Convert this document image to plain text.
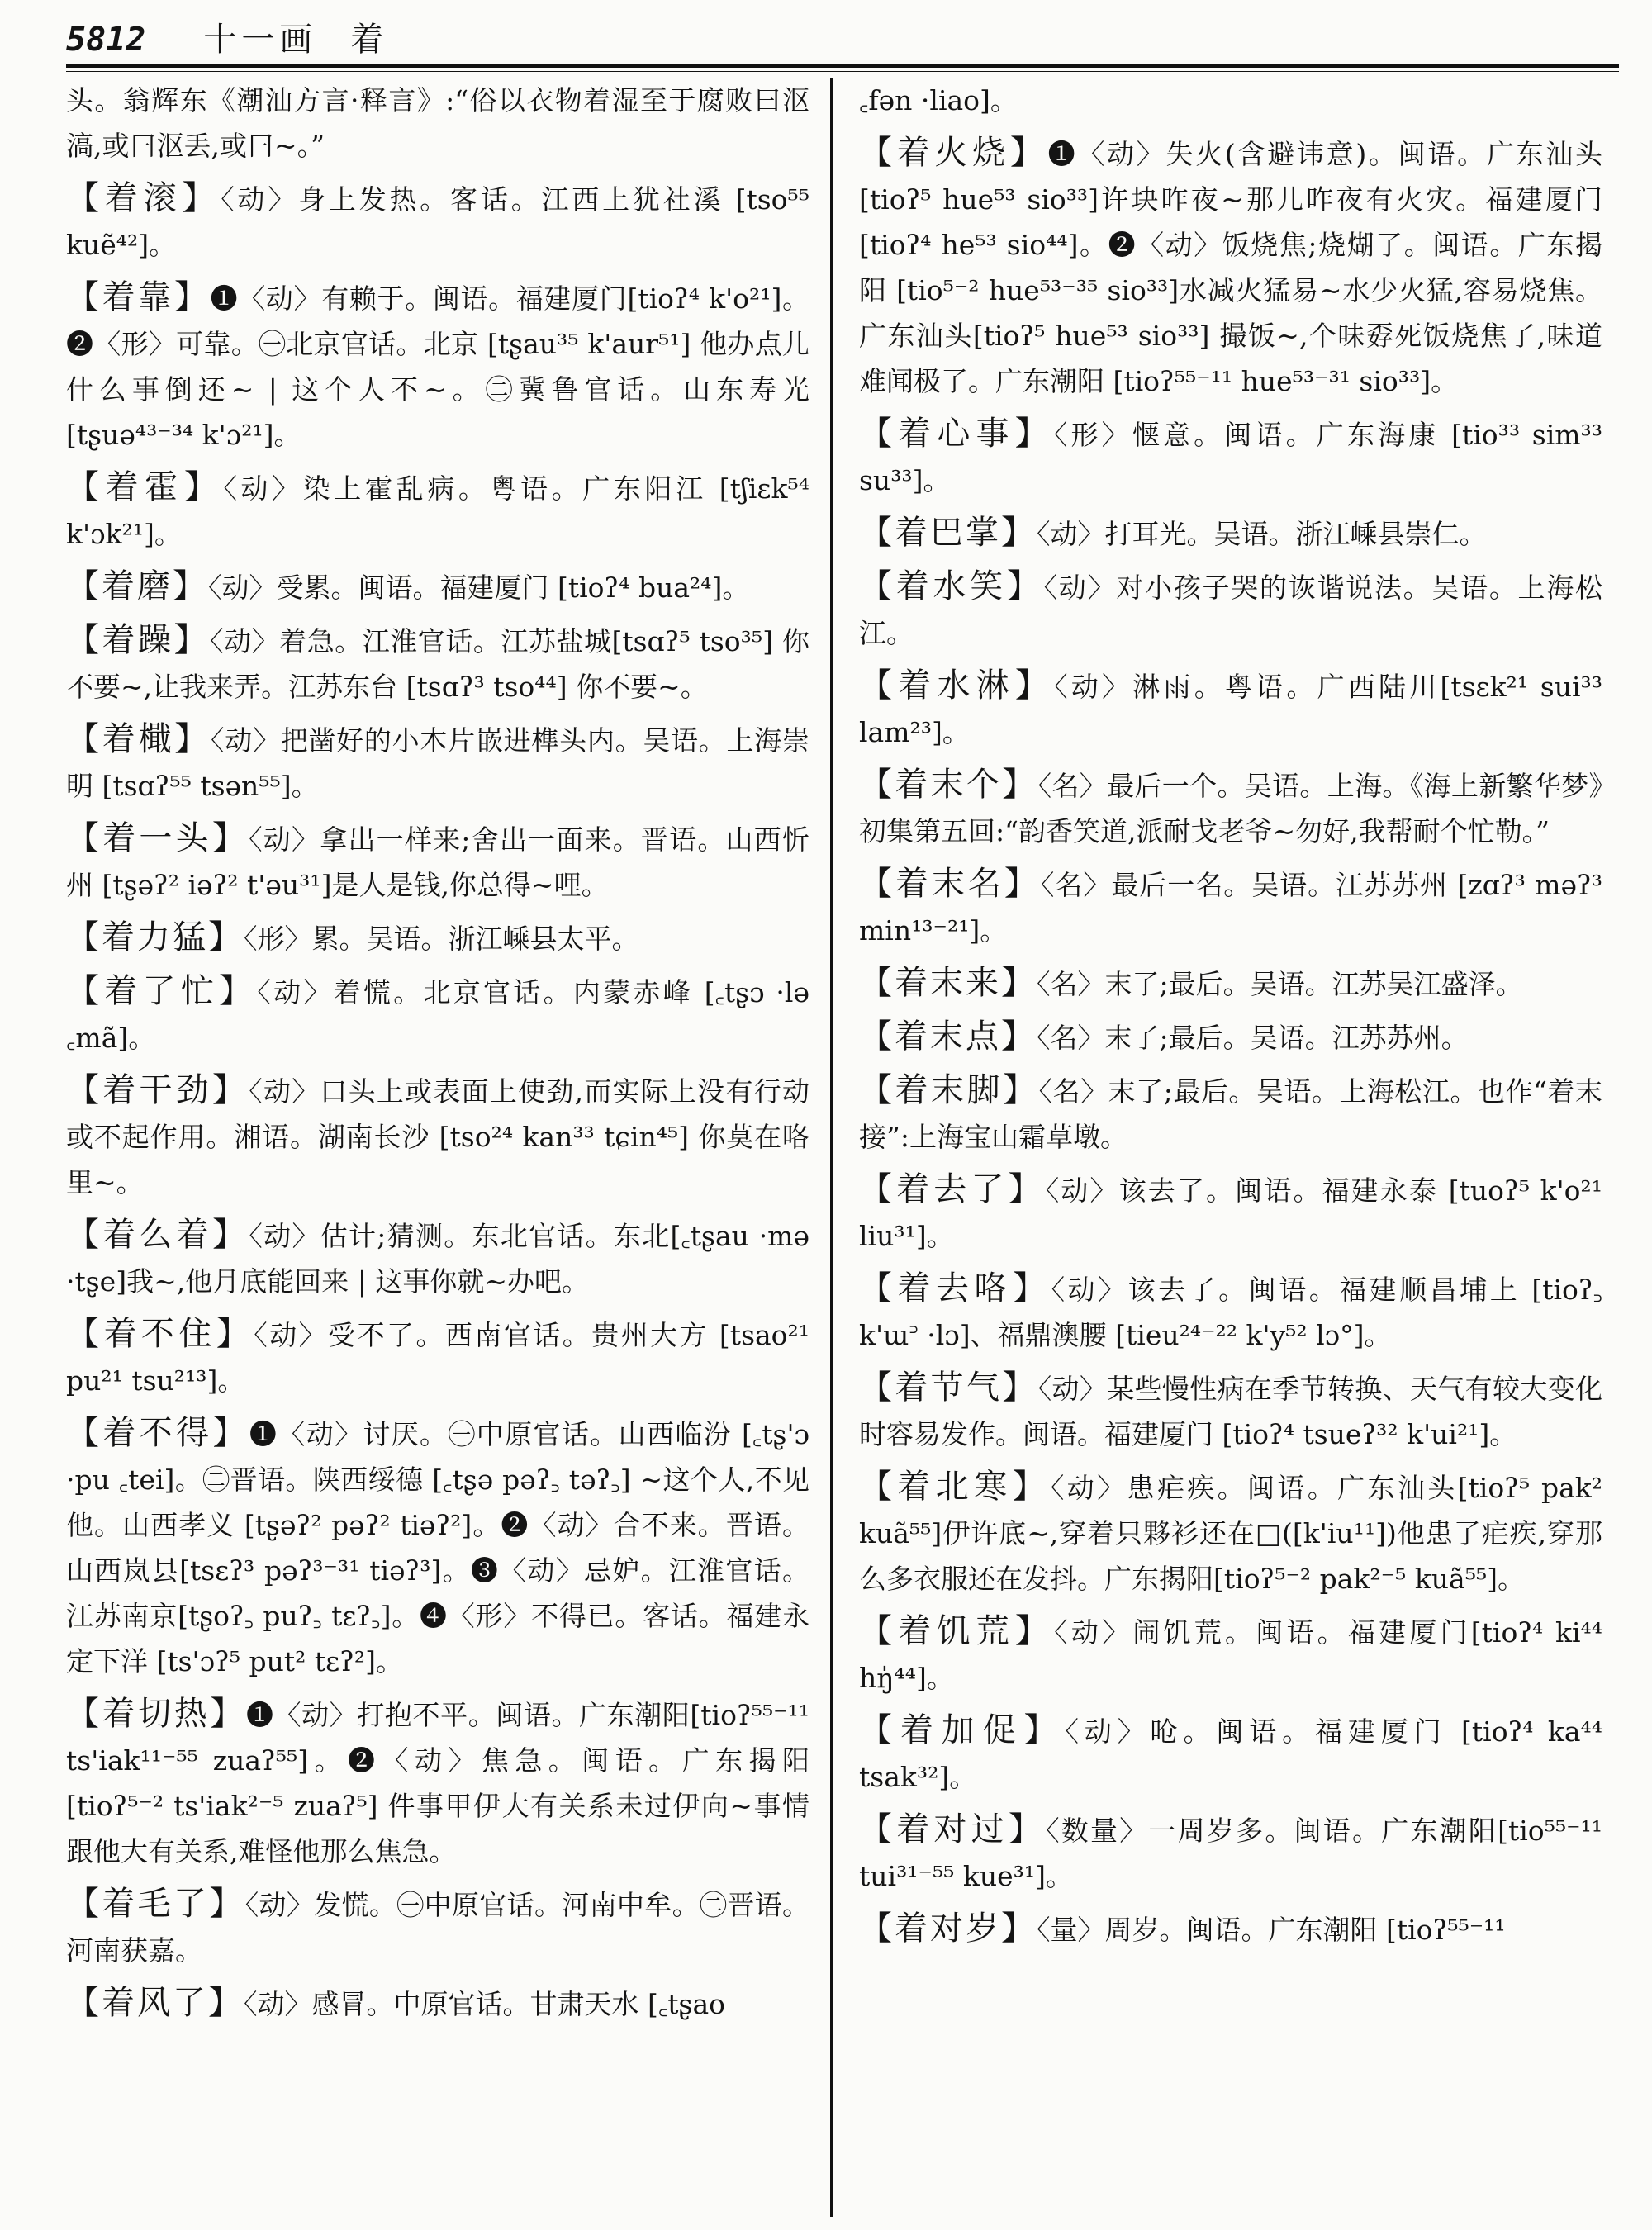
5812 十一画 着

头。翁辉东《潮汕方言·释言》:“俗以衣物着湿至于腐败曰沤滈,或曰沤丢,或曰~。”

【着滚】〈动〉身上发热。客话。江西上犹社溪 [tso⁵⁵ kuẽ⁴²]。

【着靠】❶〈动〉有赖于。闽语。福建厦门[tioʔ⁴ k'o²¹]。❷〈形〉可靠。㊀北京官话。北京 [tʂau³⁵ k'aur⁵¹] 他办点儿什么事倒还~ | 这个人不~。㊁冀鲁官话。山东寿光 [tʂuə⁴³⁻³⁴ k'ɔ²¹]。

【着霍】〈动〉染上霍乱病。粤语。广东阳江 [tʃiɛk⁵⁴ k'ɔk²¹]。

【着磨】〈动〉受累。闽语。福建厦门 [tioʔ⁴ bua²⁴]。

【着躁】〈动〉着急。江淮官话。江苏盐城[tsɑʔ⁵ tso³⁵] 你不要~,让我来弄。江苏东台 [tsɑʔ³ tso⁴⁴] 你不要~。

【着檝】〈动〉把凿好的小木片嵌进榫头内。吴语。上海崇明 [tsɑʔ⁵⁵ tsən⁵⁵]。

【着一头】〈动〉拿出一样来;舍出一面来。晋语。山西忻州 [tʂəʔ² iəʔ² t'əu³¹]是人是钱,你总得~哩。

【着力猛】〈形〉累。吴语。浙江嵊县太平。

【着了忙】〈动〉着慌。北京官话。内蒙赤峰 [꜀tʂɔ ·lə ꜀mã]。

【着干劲】〈动〉口头上或表面上使劲,而实际上没有行动或不起作用。湘语。湖南长沙 [tso²⁴ kan³³ tɕin⁴⁵] 你莫在咯里~。

【着么着】〈动〉估计;猜测。东北官话。东北[꜀tʂau ·mə ·tʂe]我~,他月底能回来 | 这事你就~办吧。

【着不住】〈动〉受不了。西南官话。贵州大方 [tsao²¹ pu²¹ tsu²¹³]。

【着不得】❶〈动〉讨厌。㊀中原官话。山西临汾 [꜀tʂ'ɔ ·pu ꜀tei]。㊁晋语。陕西绥德 [꜀tʂə pəʔ꜆ təʔ꜆] ~这个人,不见他。山西孝义 [tʂəʔ² pəʔ² tiəʔ²]。❷〈动〉合不来。晋语。山西岚县[tsɛʔ³ pəʔ³⁻³¹ tiəʔ³]。❸〈动〉忌妒。江淮官话。江苏南京[tʂoʔ꜆ puʔ꜆ tɛʔ꜆]。❹〈形〉不得已。客话。福建永定下洋 [ts'ɔʔ⁵ put² tɛʔ²]。

【着切热】❶〈动〉打抱不平。闽语。广东潮阳[tioʔ⁵⁵⁻¹¹ ts'iak¹¹⁻⁵⁵ zuaʔ⁵⁵]。❷〈动〉焦急。闽语。广东揭阳 [tioʔ⁵⁻² ts'iak²⁻⁵ zuaʔ⁵] 件事甲伊大有关系未过伊向~事情跟他大有关系,难怪他那么焦急。

【着毛了】〈动〉发慌。㊀中原官话。河南中牟。㊁晋语。河南获嘉。

【着风了】〈动〉感冒。中原官话。甘肃天水 [꜀tʂao

꜀fən ·liao]。

【着火烧】❶〈动〉失火(含避讳意)。闽语。广东汕头 [tioʔ⁵ hue⁵³ sio³³]许块昨夜~那儿昨夜有火灾。福建厦门 [tioʔ⁴ he⁵³ sio⁴⁴]。❷〈动〉饭烧焦;烧煳了。闽语。广东揭阳 [tio⁵⁻² hue⁵³⁻³⁵ sio³³]水减火猛易~水少火猛,容易烧焦。广东汕头[tioʔ⁵ hue⁵³ sio³³] 撮饭~,个味孬死饭烧焦了,味道难闻极了。广东潮阳 [tioʔ⁵⁵⁻¹¹ hue⁵³⁻³¹ sio³³]。

【着心事】〈形〉惬意。闽语。广东海康 [tio³³ sim³³ su³³]。

【着巴掌】〈动〉打耳光。吴语。浙江嵊县崇仁。

【着水笑】〈动〉对小孩子哭的诙谐说法。吴语。上海松江。

【着水淋】〈动〉淋雨。粤语。广西陆川[tsɛk²¹ sui³³ lam²³]。

【着末个】〈名〉最后一个。吴语。上海。《海上新繁华梦》初集第五回:“韵香笑道,派耐戈老爷~勿好,我帮耐个忙勒。”

【着末名】〈名〉最后一名。吴语。江苏苏州 [zɑʔ³ məʔ³ min¹³⁻²¹]。

【着末来】〈名〉末了;最后。吴语。江苏吴江盛泽。

【着末点】〈名〉末了;最后。吴语。江苏苏州。

【着末脚】〈名〉末了;最后。吴语。上海松江。也作“着末接”:上海宝山霜草墩。

【着去了】〈动〉该去了。闽语。福建永泰 [tuoʔ⁵ k'o²¹ liu³¹]。

【着去咯】〈动〉该去了。闽语。福建顺昌埔上 [tioʔ꜆ k'ɯ꜄ ·lɔ]、福鼎澳腰 [tieu²⁴⁻²² k'y⁵² lɔ°]。

【着节气】〈动〉某些慢性病在季节转换、天气有较大变化时容易发作。闽语。福建厦门 [tioʔ⁴ tsueʔ³² k'ui²¹]。

【着北寒】〈动〉患疟疾。闽语。广东汕头[tioʔ⁵ pak² kuã⁵⁵]伊许底~,穿着只夥衫还在□([k'iu¹¹])他患了疟疾,穿那么多衣服还在发抖。广东揭阳[tioʔ⁵⁻² pak²⁻⁵ kuã⁵⁵]。

【着饥荒】〈动〉闹饥荒。闽语。福建厦门[tioʔ⁴ ki⁴⁴ hŋ̍⁴⁴]。

【着加促】〈动〉呛。闽语。福建厦门 [tioʔ⁴ ka⁴⁴ tsak³²]。

【着对过】〈数量〉一周岁多。闽语。广东潮阳[tio⁵⁵⁻¹¹ tui³¹⁻⁵⁵ kue³¹]。

【着对岁】〈量〉周岁。闽语。广东潮阳 [tioʔ⁵⁵⁻¹¹
